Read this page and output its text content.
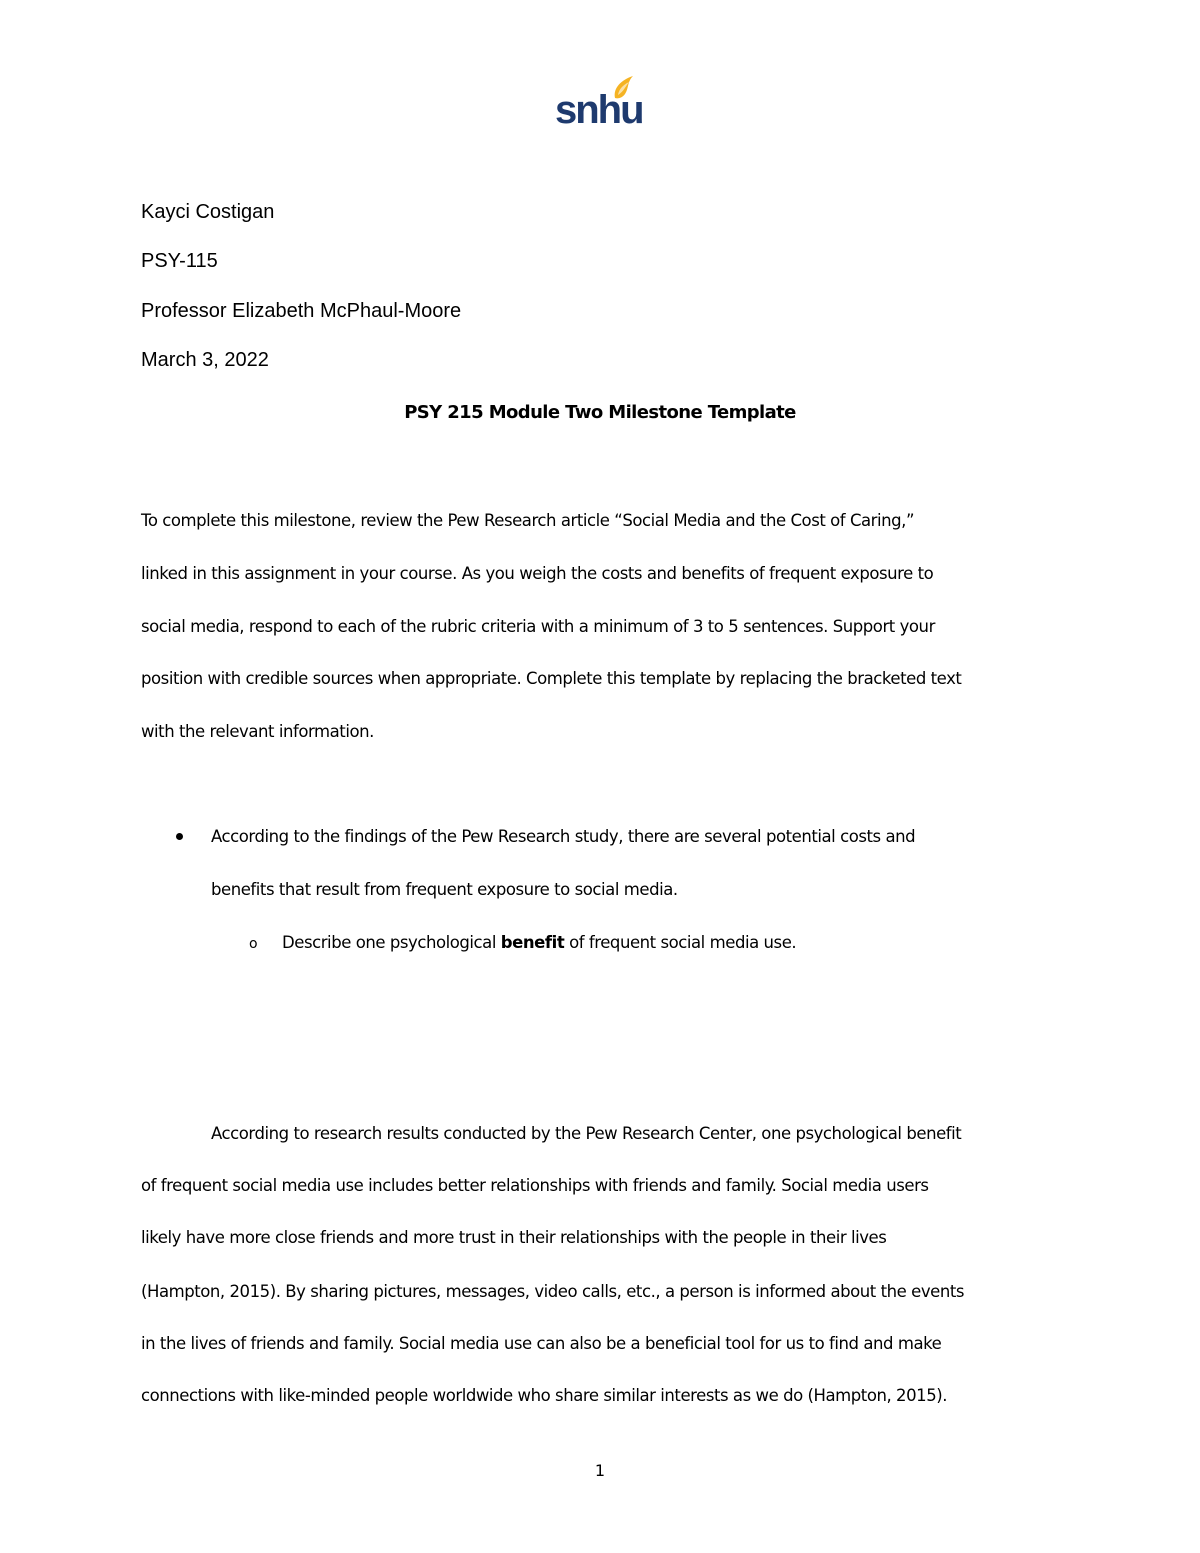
snhu
Kayci Costigan
PSY-115
Professor Elizabeth McPhaul-Moore
March 3, 2022
PSY 215 Module Two Milestone Template
To complete this milestone, review the Pew Research article “Social Media and the Cost of Caring,”
linked in this assignment in your course. As you weigh the costs and benefits of frequent exposure to
social media, respond to each of the rubric criteria with a minimum of 3 to 5 sentences. Support your
position with credible sources when appropriate. Complete this template by replacing the bracketed text
with the relevant information.
According to the findings of the Pew Research study, there are several potential costs and
benefits that result from frequent exposure to social media.
o Describe one psychological benefit of frequent social media use.
According to research results conducted by the Pew Research Center, one psychological benefit
of frequent social media use includes better relationships with friends and family. Social media users
likely have more close friends and more trust in their relationships with the people in their lives
(Hampton, 2015). By sharing pictures, messages, video calls, etc., a person is informed about the events
in the lives of friends and family. Social media use can also be a beneficial tool for us to find and make
connections with like-minded people worldwide who share similar interests as we do (Hampton, 2015).
1
